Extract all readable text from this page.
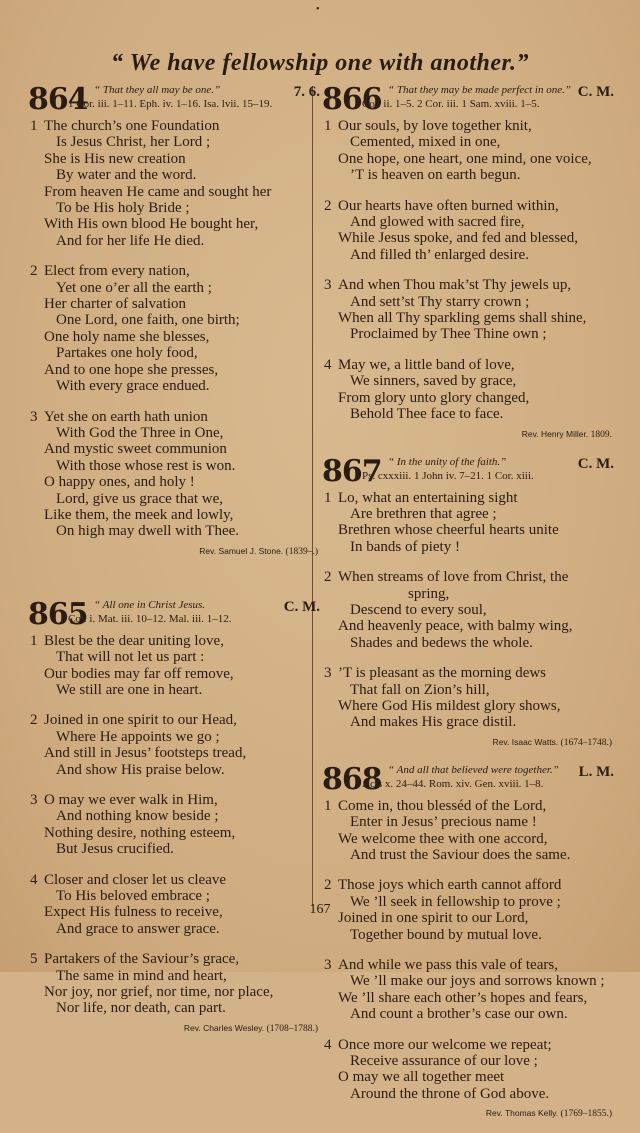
•
“ We have fellowship one with another.”
864 “ That they all may be one.”	7. 6.
1 Cor. iii. 1–11. Eph. iv. 1–16. Isa. lvii. 15–19.
1 The church’s one Foundation
Is Jesus Christ, her Lord ;
She is His new creation
By water and the word.
From heaven He came and sought her
To be His holy Bride ;
With His own blood He bought her,
And for her life He died.
2 Elect from every nation,
Yet one o’er all the earth ;
Her charter of salvation
One Lord, one faith, one birth;
One holy name she blesses,
Partakes one holy food,
And to one hope she presses,
With every grace endued.
3 Yet she on earth hath union
With God the Three in One,
And mystic sweet communion
With those whose rest is won.
O happy ones, and holy !
Lord, give us grace that we,
Like them, the meek and lowly,
On high may dwell with Thee.
Rev. Samuel J. Stone. (1839–.)
865 “ All one in Christ Jesus.	C. M.
Col. i. Mat. iii. 10–12. Mal. iii. 1–12.
1 Blest be the dear uniting love,
That will not let us part :
Our bodies may far off remove,
We still are one in heart.
2 Joined in one spirit to our Head,
Where He appoints we go ;
And still in Jesus’ footsteps tread,
And show His praise below.
3 O may we ever walk in Him,
And nothing know beside ;
Nothing desire, nothing esteem,
But Jesus crucified.
4 Closer and closer let us cleave
To His beloved embrace ;
Expect His fulness to receive,
And grace to answer grace.
5 Partakers of the Saviour’s grace,
The same in mind and heart,
Nor joy, nor grief, nor time, nor place,
Nor life, nor death, can part.
Rev. Charles Wesley. (1708–1788.)
866 “ That they may be made perfect in one.” C. M.
Col. ii. 1–5. 2 Cor. iii. 1 Sam. xviii. 1–5.
1 Our souls, by love together knit,
Cemented, mixed in one,
One hope, one heart, one mind, one voice,
’T is heaven on earth begun.
2 Our hearts have often burned within,
And glowed with sacred fire,
While Jesus spoke, and fed and blessed,
And filled th’ enlarged desire.
3 And when Thou mak’st Thy jewels up,
And sett’st Thy starry crown ;
When all Thy sparkling gems shall shine,
Proclaimed by Thee Thine own ;
4 May we, a little band of love,
We sinners, saved by grace,
From glory unto glory changed,
Behold Thee face to face.
Rev. Henry Miller. 1809.
867 “ In the unity of the faith.”	C. M.
Ps. cxxxiii. 1 John iv. 7–21. 1 Cor. xiii.
1 Lo, what an entertaining sight
Are brethren that agree ;
Brethren whose cheerful hearts unite
In bands of piety !
2 When streams of love from Christ, the
spring,
Descend to every soul,
And heavenly peace, with balmy wing,
Shades and bedews the whole.
3 ’T is pleasant as the morning dews
That fall on Zion’s hill,
Where God His mildest glory shows,
And makes His grace distil.
Rev. Isaac Watts. (1674–1748.)
868 “ And all that believed were together.” L. M.
Acts x. 24–44. Rom. xiv. Gen. xviii. 1–8.
1 Come in, thou blesséd of the Lord,
Enter in Jesus’ precious name !
We welcome thee with one accord,
And trust the Saviour does the same.
2 Those joys which earth cannot afford
We ’ll seek in fellowship to prove ;
Joined in one spirit to our Lord,
Together bound by mutual love.
3 And while we pass this vale of tears,
We ’ll make our joys and sorrows known ;
We ’ll share each other’s hopes and fears,
And count a brother’s case our own.
4 Once more our welcome we repeat;
Receive assurance of our love ;
O may we all together meet
Around the throne of God above.
Rev. Thomas Kelly. (1769–1855.)
167
